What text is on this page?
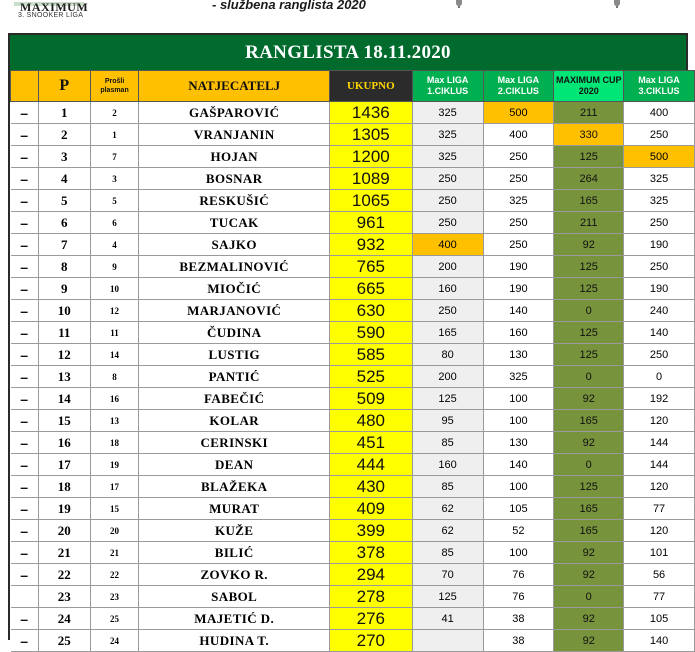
MAXIMUM
3. SNOOKER LIGA
- službena ranglista 2020
RANGLISTA 18.11.2020
	P	Prošli plasman	NATJECATELJ	UKUPNO	Max LIGA 1.CIKLUS	Max LIGA 2.CIKLUS	MAXIMUM CUP 2020	Max LIGA 3.CIKLUS
–	1	2	GAŠPAROVIĆ	1436	325	500	211	400
–	2	1	VRANJANIN	1305	325	400	330	250
–	3	7	HOJAN	1200	325	250	125	500
–	4	3	BOSNAR	1089	250	250	264	325
–	5	5	RESKUŠIĆ	1065	250	325	165	325
–	6	6	TUCAK	961	250	250	211	250
–	7	4	SAJKO	932	400	250	92	190
–	8	9	BEZMALINOVIĆ	765	200	190	125	250
–	9	10	MIOČIĆ	665	160	190	125	190
–	10	12	MARJANOVIĆ	630	250	140	0	240
–	11	11	ČUDINA	590	165	160	125	140
–	12	14	LUSTIG	585	80	130	125	250
–	13	8	PANTIĆ	525	200	325	0	0
–	14	16	FABEČIĆ	509	125	100	92	192
–	15	13	KOLAR	480	95	100	165	120
–	16	18	CERINSKI	451	85	130	92	144
–	17	19	DEAN	444	160	140	0	144
–	18	17	BLAŽEKA	430	85	100	125	120
–	19	15	MURAT	409	62	105	165	77
–	20	20	KUŽE	399	62	52	165	120
–	21	21	BILIĆ	378	85	100	92	101
–	22	22	ZOVKO R.	294	70	76	92	56
	23	23	SABOL	278	125	76	0	77
–	24	25	MAJETIĆ D.	276	41	38	92	105
–	25	24	HUDINA T.	270		38	92	140
